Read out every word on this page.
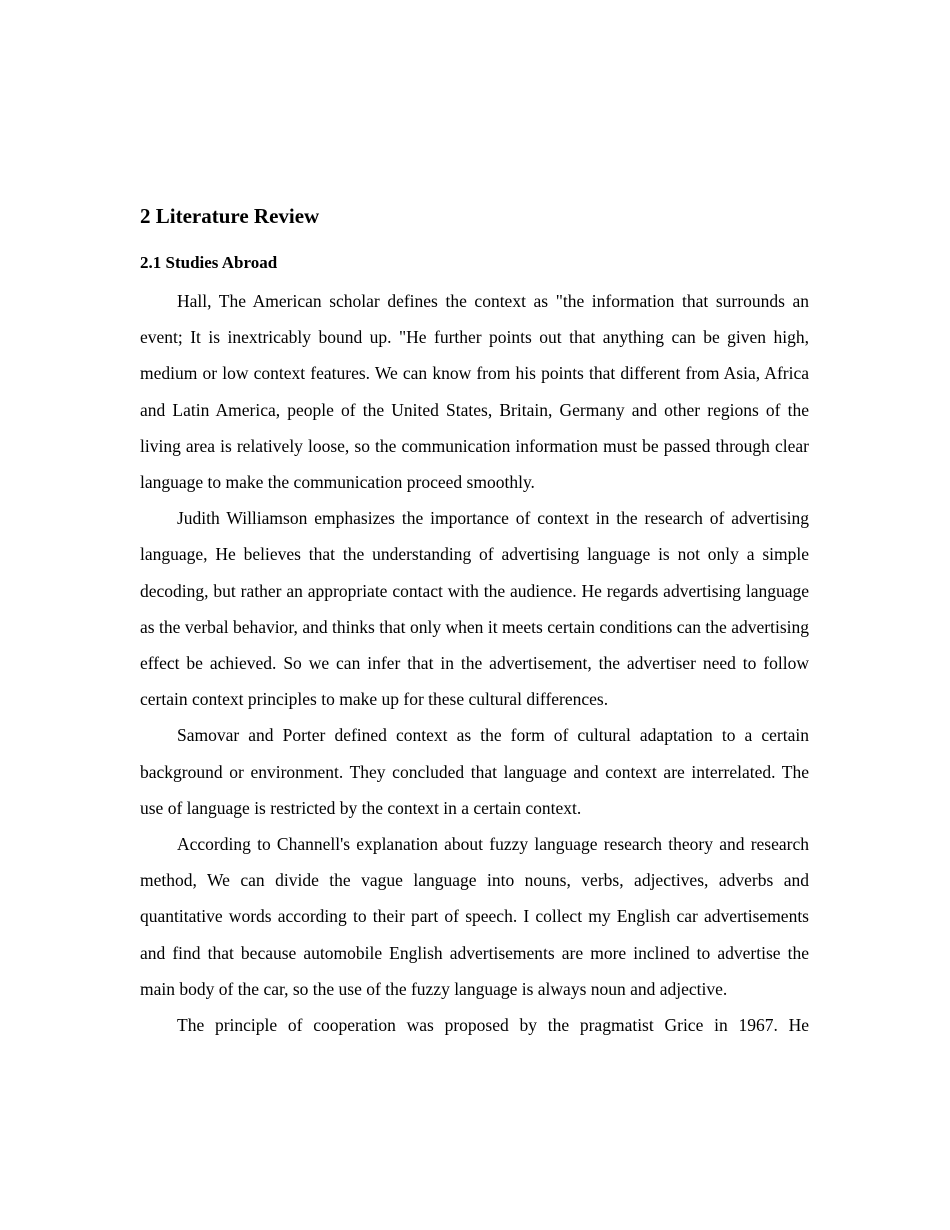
2 Literature Review
2.1 Studies Abroad

Hall, The American scholar defines the context as "the information that surrounds an event; It is inextricably bound up. "He further points out that anything can be given high, medium or low context features. We can know from his points that different from Asia, Africa and Latin America, people of the United States, Britain, Germany and other regions of the living area is relatively loose, so the communication information must be passed through clear language to make the communication proceed smoothly.

Judith Williamson emphasizes the importance of context in the research of advertising language, He believes that the understanding of advertising language is not only a simple decoding, but rather an appropriate contact with the audience. He regards advertising language as the verbal behavior, and thinks that only when it meets certain conditions can the advertising effect be achieved. So we can infer that in the advertisement, the advertiser need to follow certain context principles to make up for these cultural differences.

Samovar and Porter defined context as the form of cultural adaptation to a certain background or environment. They concluded that language and context are interrelated. The use of language is restricted by the context in a certain context.

According to Channell's explanation about fuzzy language research theory and research method, We can divide the vague language into nouns, verbs, adjectives, adverbs and quantitative words according to their part of speech. I collect my English car advertisements and find that because automobile English advertisements are more inclined to advertise the main body of the car, so the use of the fuzzy language is always noun and adjective.

The principle of cooperation was proposed by the pragmatist Grice in 1967. He
